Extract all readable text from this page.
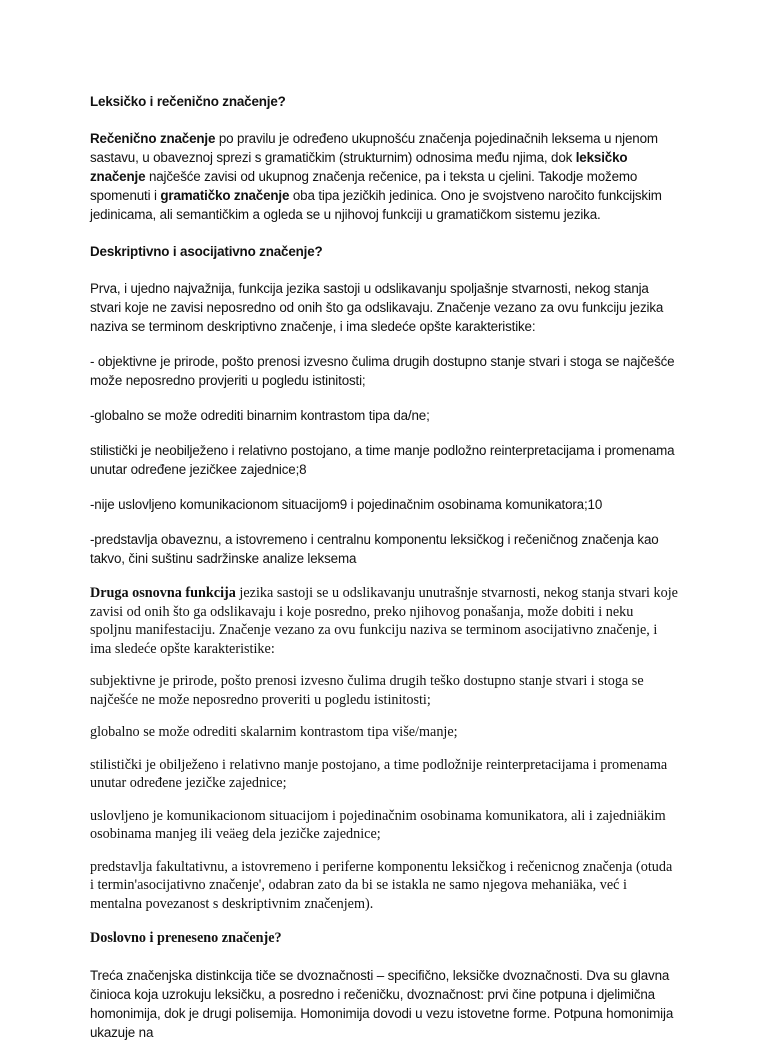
Leksičko i rečenično značenje?

Rečenično značenje po pravilu je određeno ukupnošću značenja pojedinačnih leksema u njenom sastavu, u obaveznoj sprezi s gramatičkim (strukturnim) odnosima među njima, dok leksičko značenje najčešće zavisi od ukupnog značenja rečenice, pa i teksta u cjelini. Takodje možemo spomenuti i gramatičko značenje oba tipa jezičkih jedinica. Ono je svojstveno naročito funkcijskim jedinicama, ali semantičkim a ogleda se u njihovoj funkciji u gramatičkom sistemu jezika.

Deskriptivno i asocijativno značenje?

Prva, i ujedno najvažnija, funkcija jezika sastoji u odslikavanju spoljašnje stvarnosti, nekog stanja stvari koje ne zavisi neposredno od onih što ga odslikavaju. Značenje vezano za ovu funkciju jezika naziva se terminom deskriptivno značenje, i ima sledeće opšte karakteristike:

- objektivne je prirode, pošto prenosi izvesno čulima drugih dostupno stanje stvari i stoga se najčešće može neposredno provjeriti u pogledu istinitosti;

-globalno se može odrediti binarnim kontrastom tipa da/ne;

stilistički je neobilježeno i relativno postojano, a time manje podložno reinterpretacijama i promenama unutar određene jezičkee zajednice;8

-nije uslovljeno komunikacionom situacijom9 i pojedinačnim osobinama komunikatora;10

-predstavlja obaveznu, a istovremeno i centralnu komponentu leksičkog i rečeničnog značenja kao takvo, čini suštinu sadržinske analize leksema

Druga osnovna funkcija jezika sastoji se u odslikavanju unutrašnje stvarnosti, nekog stanja stvari koje zavisi od onih što ga odslikavaju i koje posredno, preko njihovog ponašanja, može dobiti i neku spoljnu manifestaciju. Značenje vezano za ovu funkciju naziva se terminom asocijativno značenje, i ima sledeće opšte karakteristike:

subjektivne je prirode, pošto prenosi izvesno čulima drugih teško dostupno stanje stvari i stoga se najčešće ne može neposredno proveriti u pogledu istinitosti;

globalno se može odrediti skalarnim kontrastom tipa više/manje;

stilistički je obilježeno i relativno manje postojano, a time podložnije reinterpretacijama i promenama unutar određene jezičke zajednice;

uslovljeno je komunikacionom situacijom i pojedinačnim osobinama komunikatora, ali i zajedniäkim osobinama manjeg ili veäeg dela jezičke zajednice;

predstavlja fakultativnu, a istovremeno i periferne komponentu leksičkog i rečenicnog značenja (otuda i termin'asocijativno značenje', odabran zato da bi se istakla ne samo njegova mehaniäka, već i mentalna povezanost s deskriptivnim značenjem).

Doslovno i preneseno značenje?

Treća značenjska distinkcija tiče se dvoznačnosti – specifično, leksičke dvoznačnosti. Dva su glavna činioca koja uzrokuju leksičku, a posredno i rečeničku, dvoznačnost: prvi čine potpuna i djelimična homonimija, dok je drugi polisemija. Homonimija dovodi u vezu istovetne forme. Potpuna homonimija ukazuje na
